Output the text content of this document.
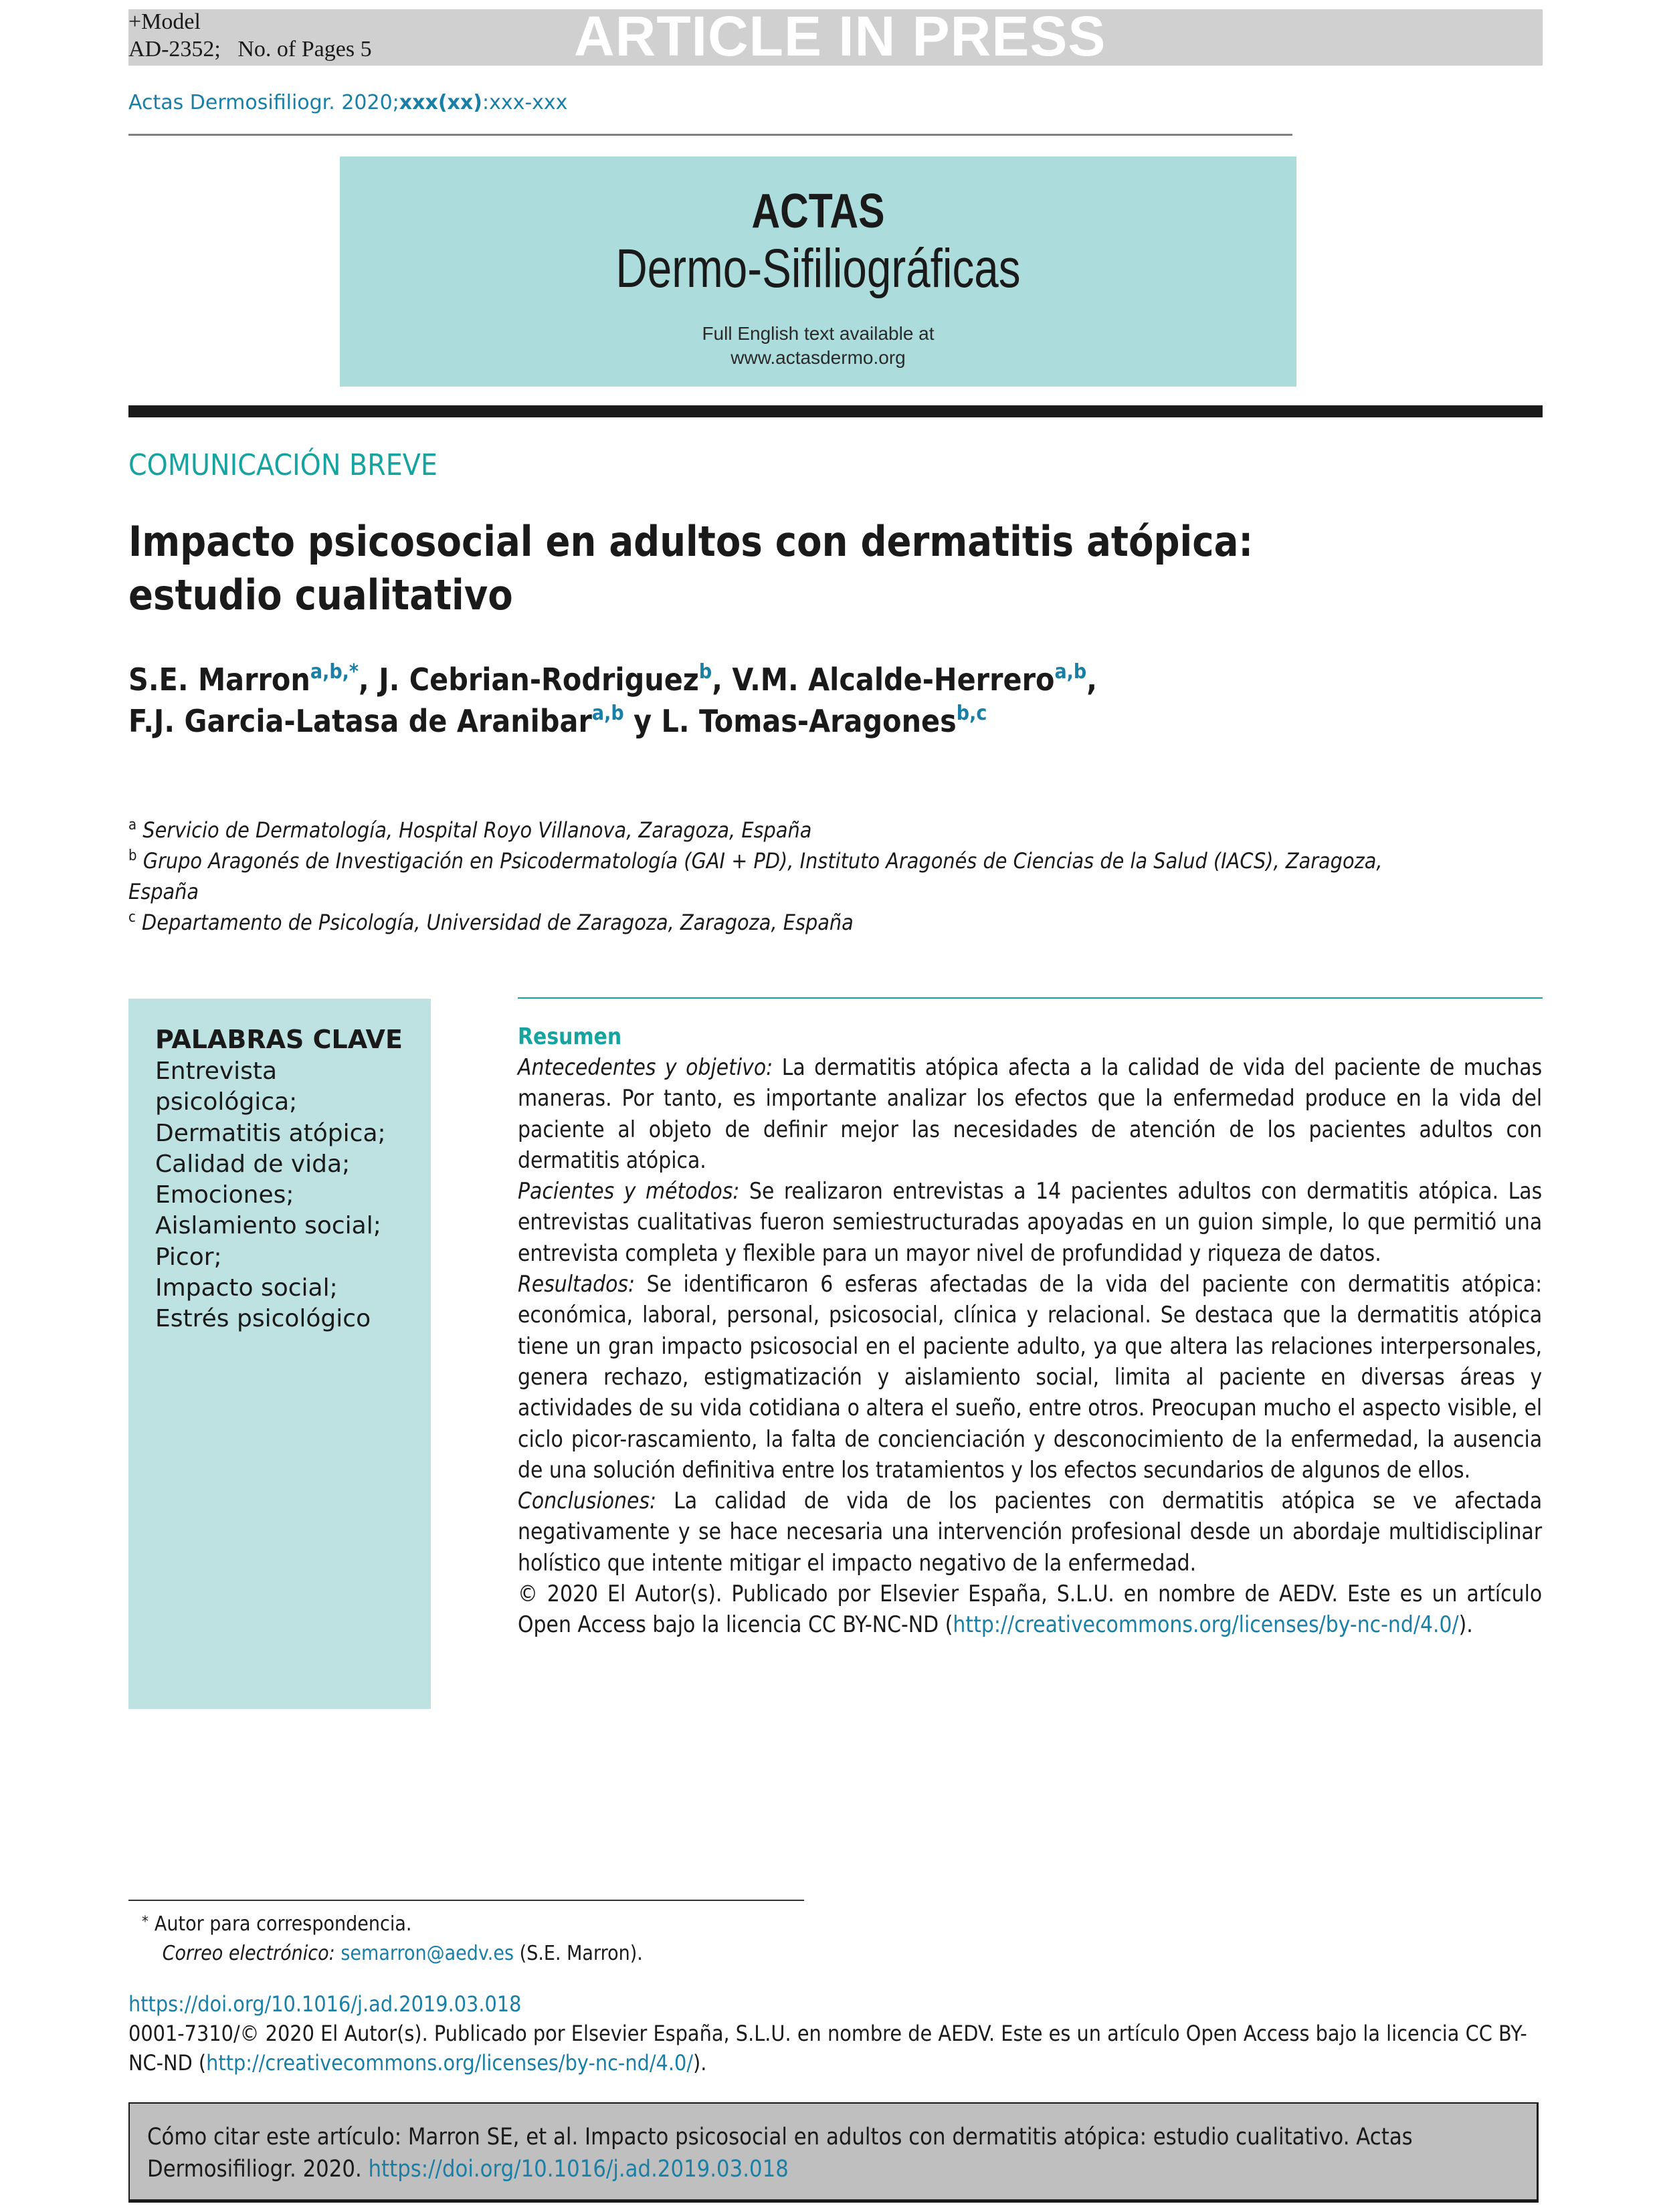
+Model
AD-2352;   No. of Pages 5	ARTICLE IN PRESS
Actas Dermosifiliogr. 2020;xxx(xx):xxx-xxx
ACTAS
Dermo-Sifiliográficas
Full English text available at
www.actasdermo.org
COMUNICACIÓN BREVE
Impacto psicosocial en adultos con dermatitis atópica: estudio cualitativo
S.E. Marron$^{a,b,*}$, J. Cebrian-Rodriguez$^b$, V.M. Alcalde-Herrero$^{a,b}$,
F.J. Garcia-Latasa de Aranibar$^{a,b}$ y L. Tomas-Aragones$^{b,c}$
$^a$ Servicio de Dermatología, Hospital Royo Villanova, Zaragoza, España
$^b$ Grupo Aragonés de Investigación en Psicodermatología (GAI + PD), Instituto Aragonés de Ciencias de la Salud (IACS), Zaragoza, España
$^c$ Departamento de Psicología, Universidad de Zaragoza, Zaragoza, España
PALABRAS CLAVE
Entrevista
psicológica;
Dermatitis atópica;
Calidad de vida;
Emociones;
Aislamiento social;
Picor;
Impacto social;
Estrés psicológico
Resumen

Antecedentes y objetivo: La dermatitis atópica afecta a la calidad de vida del paciente de muchas maneras. Por tanto, es importante analizar los efectos que la enfermedad produce en la vida del paciente al objeto de definir mejor las necesidades de atención de los pacientes adultos con dermatitis atópica.

Pacientes y métodos: Se realizaron entrevistas a 14 pacientes adultos con dermatitis atópica. Las entrevistas cualitativas fueron semiestructuradas apoyadas en un guion simple, lo que permitió una entrevista completa y flexible para un mayor nivel de profundidad y riqueza de datos.

Resultados: Se identificaron 6 esferas afectadas de la vida del paciente con dermatitis atópica: económica, laboral, personal, psicosocial, clínica y relacional. Se destaca que la dermatitis atópica tiene un gran impacto psicosocial en el paciente adulto, ya que altera las relaciones interpersonales, genera rechazo, estigmatización y aislamiento social, limita al paciente en diversas áreas y actividades de su vida cotidiana o altera el sueño, entre otros. Preocupan mucho el aspecto visible, el ciclo picor-rascamiento, la falta de concienciación y desconocimiento de la enfermedad, la ausencia de una solución definitiva entre los tratamientos y los efectos secundarios de algunos de ellos.

Conclusiones: La calidad de vida de los pacientes con dermatitis atópica se ve afectada negativamente y se hace necesaria una intervención profesional desde un abordaje multidisciplinar holístico que intente mitigar el impacto negativo de la enfermedad.

© 2020 El Autor(s). Publicado por Elsevier España, S.L.U. en nombre de AEDV. Este es un artículo Open Access bajo la licencia CC BY-NC-ND (http://creativecommons.org/licenses/by-nc-nd/4.0/).

* Autor para correspondencia.
Correo electrónico: semarron@aedv.es (S.E. Marron).
https://doi.org/10.1016/j.ad.2019.03.018
0001-7310/© 2020 El Autor(s). Publicado por Elsevier España, S.L.U. en nombre de AEDV. Este es un artículo Open Access bajo la licencia CC BY-NC-ND (http://creativecommons.org/licenses/by-nc-nd/4.0/).
Cómo citar este artículo: Marron SE, et al. Impacto psicosocial en adultos con dermatitis atópica: estudio cualitativo. Actas Dermosifiliogr. 2020. https://doi.org/10.1016/j.ad.2019.03.018
